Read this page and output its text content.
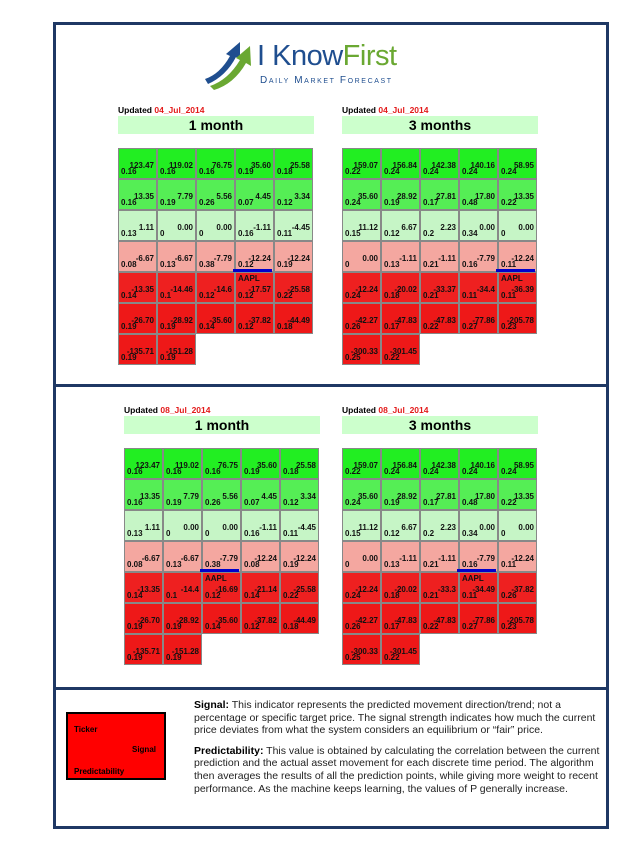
I KnowFirst
Daily Market Forecast
Updated 04_Jul_2014
1 month
123.47
0.16
119.02
0.16
76.75
0.16
35.60
0.19
25.58
0.18
13.35
0.16
7.79
0.19
5.56
0.26
4.45
0.07
3.34
0.12
1.11
0.13
0.00
0
0.00
0
-1.11
0.16
-4.45
0.11
-6.67
0.08
-6.67
0.13
-7.79
0.38
-12.24
0.12
-12.24
0.19
-13.35
0.14
-14.46
0.1
-14.6
0.12
AAPL
-17.57
0.12
-25.58
0.22
-26.70
0.19
-28.92
0.19
-35.60
0.14
-37.82
0.12
-44.49
0.18
-135.71
0.19
-151.28
0.19
Updated 04_Jul_2014
3 months
159.07
0.22
156.84
0.24
142.38
0.24
140.16
0.24
58.95
0.24
35.60
0.24
28.92
0.19
27.81
0.17
17.80
0.48
13.35
0.22
11.12
0.15
6.67
0.12
2.23
0.2
0.00
0.34
0.00
0
0.00
0
-1.11
0.13
-1.11
0.21
-7.79
0.16
-12.24
0.11
-12.24
0.24
-20.02
0.18
-33.37
0.21
-34.4
0.11
AAPL
-36.39
0.11
-42.27
0.26
-47.83
0.17
-47.83
0.22
-77.86
0.27
-205.78
0.23
-300.33
0.25
-301.45
0.22
Updated 08_Jul_2014
1 month
123.47
0.16
119.02
0.16
76.75
0.16
35.60
0.19
25.58
0.18
13.35
0.16
7.79
0.19
5.56
0.26
4.45
0.07
3.34
0.12
1.11
0.13
0.00
0
0.00
0
-1.11
0.16
-4.45
0.11
-6.67
0.08
-6.67
0.13
-7.79
0.38
-12.24
0.08
-12.24
0.19
-13.35
0.14
-14.4
0.1
AAPL
-16.69
0.12
-21.14
0.14
-25.58
0.22
-26.70
0.19
-28.92
0.19
-35.60
0.14
-37.82
0.12
-44.49
0.18
-135.71
0.19
-151.28
0.19
Updated 08_Jul_2014
3 months
159.07
0.22
156.84
0.24
142.38
0.24
140.16
0.24
58.95
0.24
35.60
0.24
28.92
0.19
27.81
0.17
17.80
0.48
13.35
0.22
11.12
0.15
6.67
0.12
2.23
0.2
0.00
0.34
0.00
0
0.00
0
-1.11
0.13
-1.11
0.21
-7.79
0.16
-12.24
0.11
-12.24
0.24
-20.02
0.18
-33.3
0.21
AAPL
-34.49
0.11
-37.82
0.26
-42.27
0.26
-47.83
0.17
-47.83
0.22
-77.86
0.27
-205.78
0.23
-300.33
0.25
-301.45
0.22
Ticker
Signal
Predictability

Signal: This indicator represents the predicted movement direction/trend; not a percentage or specific target price. The signal strength indicates how much the current price deviates from what the system considers an equilibrium or “fair” price.

Predictability: This value is obtained by calculating the correlation between the current prediction and the actual asset movement for each discrete time period. The algorithm then averages the results of all the prediction points, while giving more weight to recent performance. As the machine keeps learning, the values of P generally increase.
